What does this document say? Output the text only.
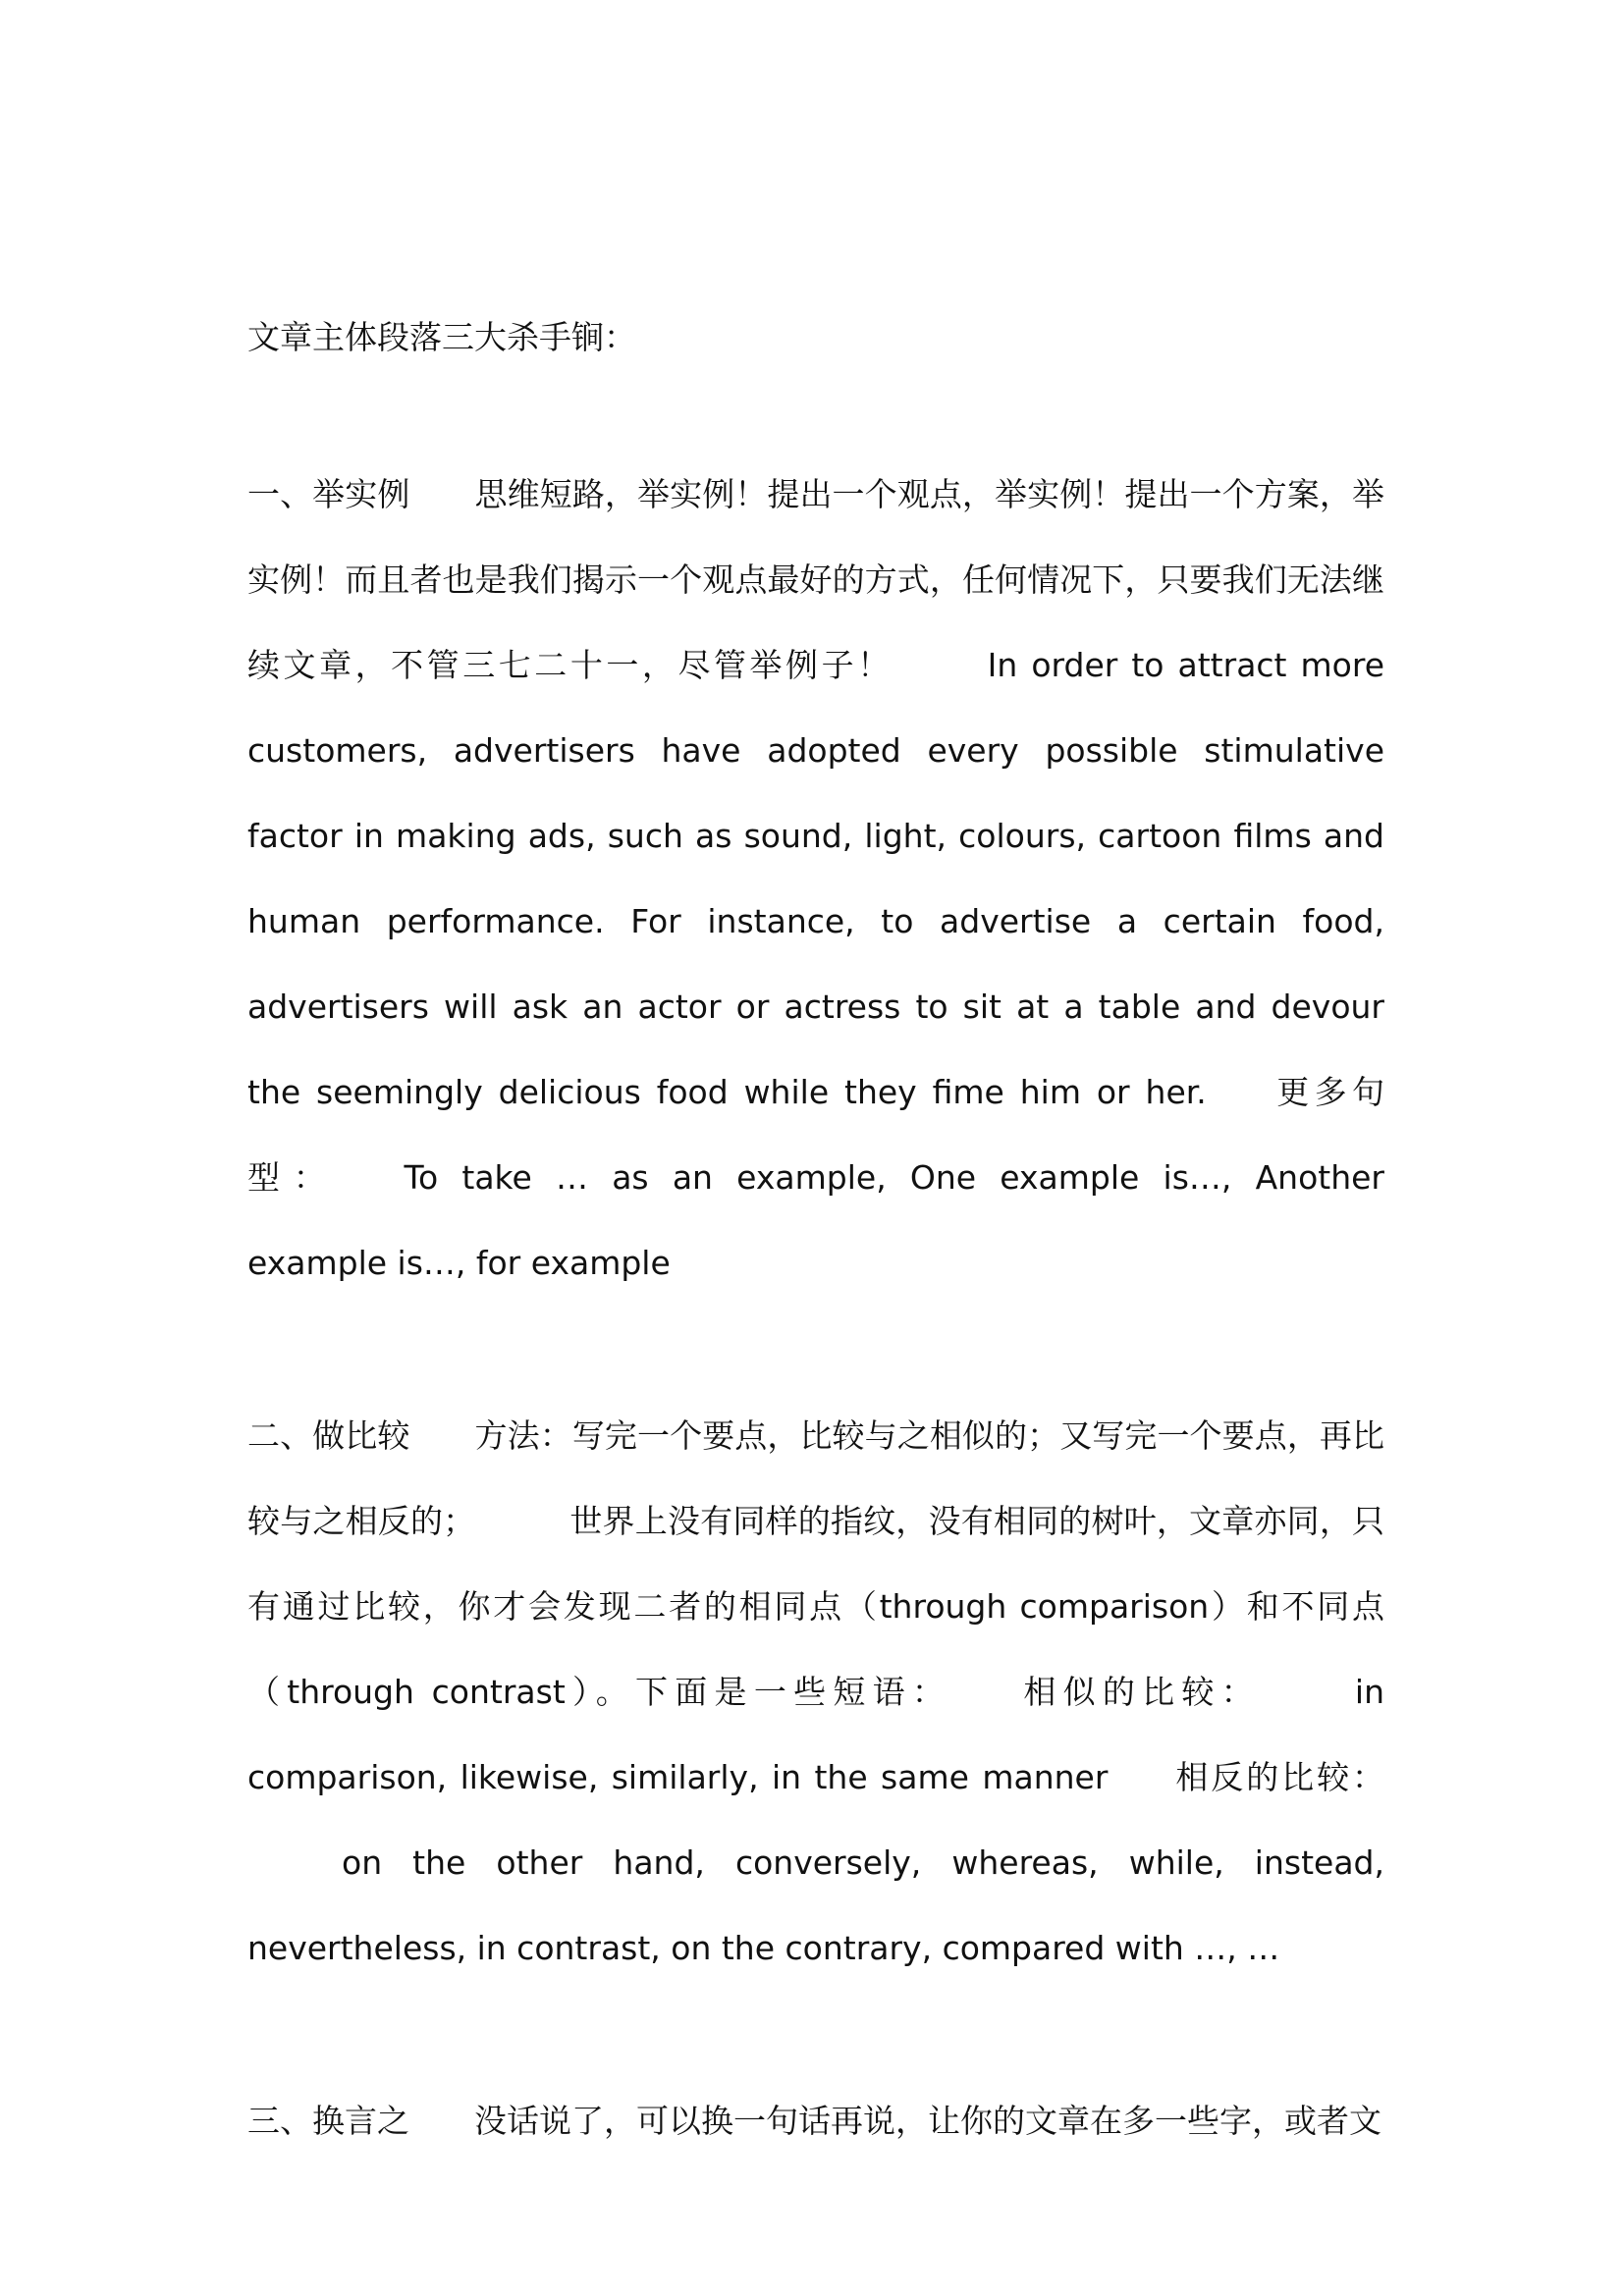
文章主体段落三大杀手锏：

一、举实例 思维短路，举实例！提出一个观点，举实例！提出一个方案，举实例！而且者也是我们揭示一个观点最好的方式，任何情况下，只要我们无法继续文章，不管三七二十一，尽管举例子！	In order to attract more customers, advertisers have adopted every possible stimulative factor in making ads, such as sound, light, colours, cartoon films and human performance. For instance, to advertise a certain food, advertisers will ask an actor or actress to sit at a table and devour the seemingly delicious food while they fime him or her. 更多句型： To take … as an example, One example is…, Another example is…, for example

二、做比较 方法：写完一个要点，比较与之相似的；又写完一个要点，再比较与之相反的；	世界上没有同样的指纹，没有相同的树叶，文章亦同，只有通过比较，你才会发现二者的相同点（through comparison）和不同点（through contrast）。下面是一些短语： 相似的比较：	in comparison, likewise, similarly, in the same manner 相反的比较：on the other hand, conversely, whereas, while, instead, nevertheless, in contrast, on the contrary, compared with …, …

三、换言之 没话说了，可以换一句话再说，让你的文章在多一些字，或者文
